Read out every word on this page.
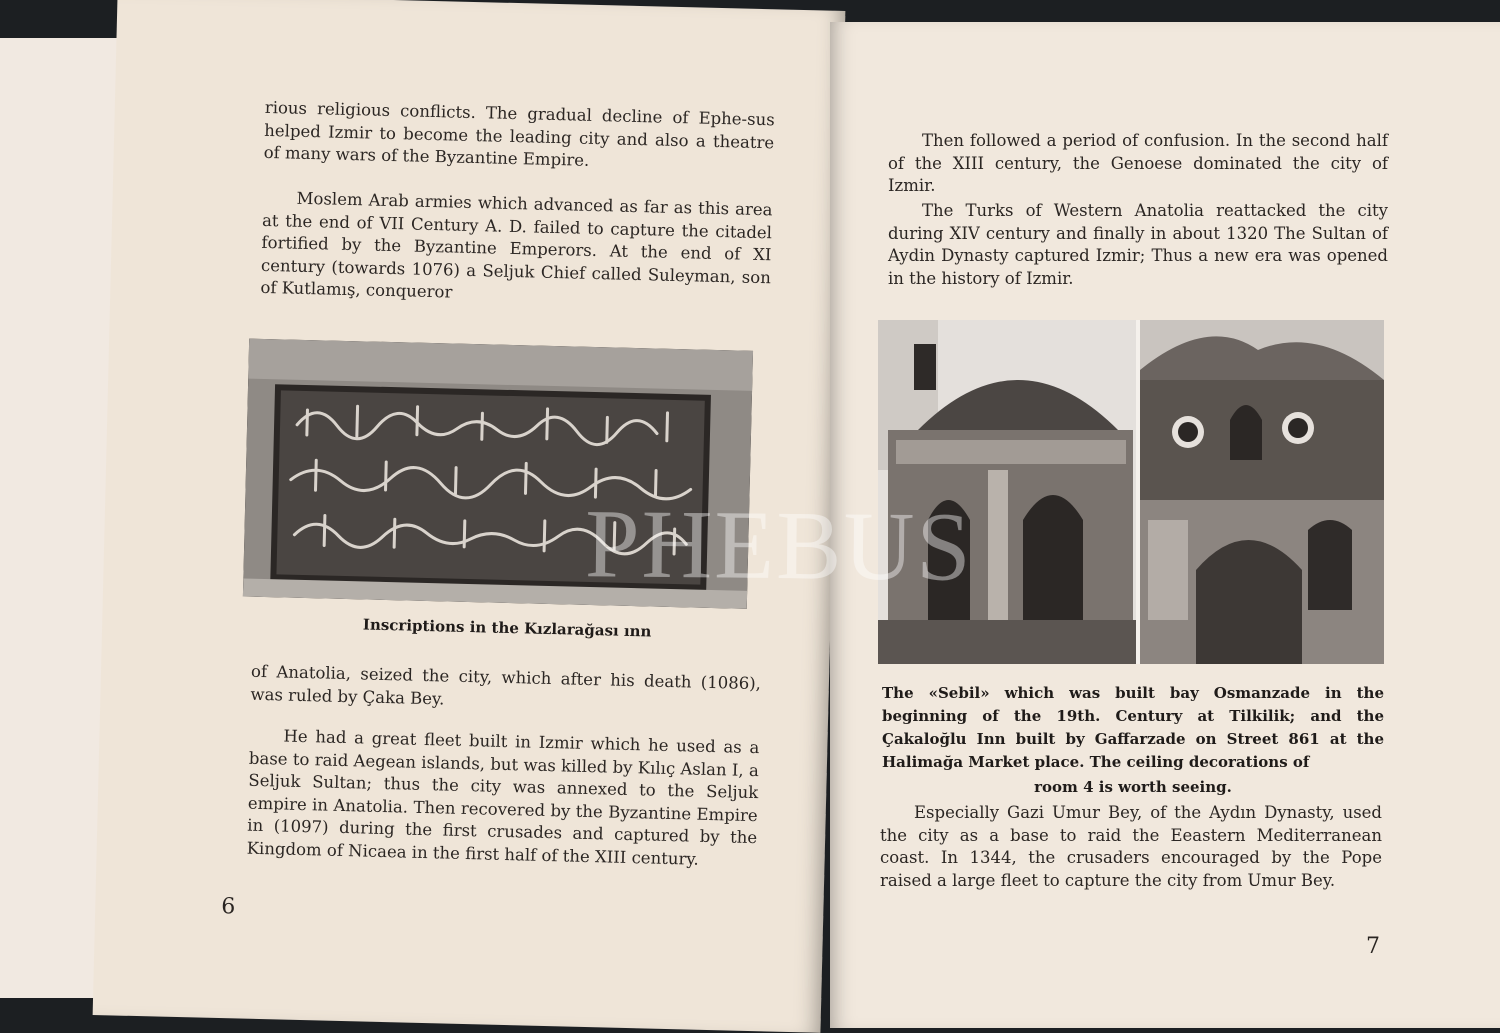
rious religious conflicts. The gradual decline of Ephe-sus helped Izmir to become the leading city and also a theatre of many wars of the Byzantine Empire.

Moslem Arab armies which advanced as far as this area at the end of VII Century A. D. failed to capture the citadel fortified by the Byzantine Emperors. At the end of XI century (towards 1076) a Seljuk Chief called Suleyman, son of Kutlamış, conqueror

Inscriptions in the Kızlarağası ınn

of Anatolia, seized the city, which after his death (1086), was ruled by Çaka Bey.

He had a great fleet built in Izmir which he used as a base to raid Aegean islands, but was killed by Kılıç Aslan I, a Seljuk Sultan; thus the city was annexed to the Seljuk empire in Anatolia. Then recovered by the Byzantine Empire in (1097) during the first crusades and captured by the Kingdom of Nicaea in the first half of the XIII century.

6

Then followed a period of confusion. In the second half of the XIII century, the Genoese dominated the city of Izmir.

The Turks of Western Anatolia reattacked the city during XIV century and finally in about 1320 The Sultan of Aydin Dynasty captured Izmir; Thus a new era was opened in the history of Izmir.

The «Sebil» which was built bay Osmanzade in the beginning of the 19th. Century at Tilkilik; and the Çakaloğlu Inn built by Gaffarzade on Street 861 at the Halimağa Market place. The ceiling decorations of

room 4 is worth seeing.

Especially Gazi Umur Bey, of the Aydın Dynasty, used the city as a base to raid the Eeastern Mediterranean coast. In 1344, the crusaders encouraged by the Pope raised a large fleet to capture the city from Umur Bey.

7
PHEBUS
